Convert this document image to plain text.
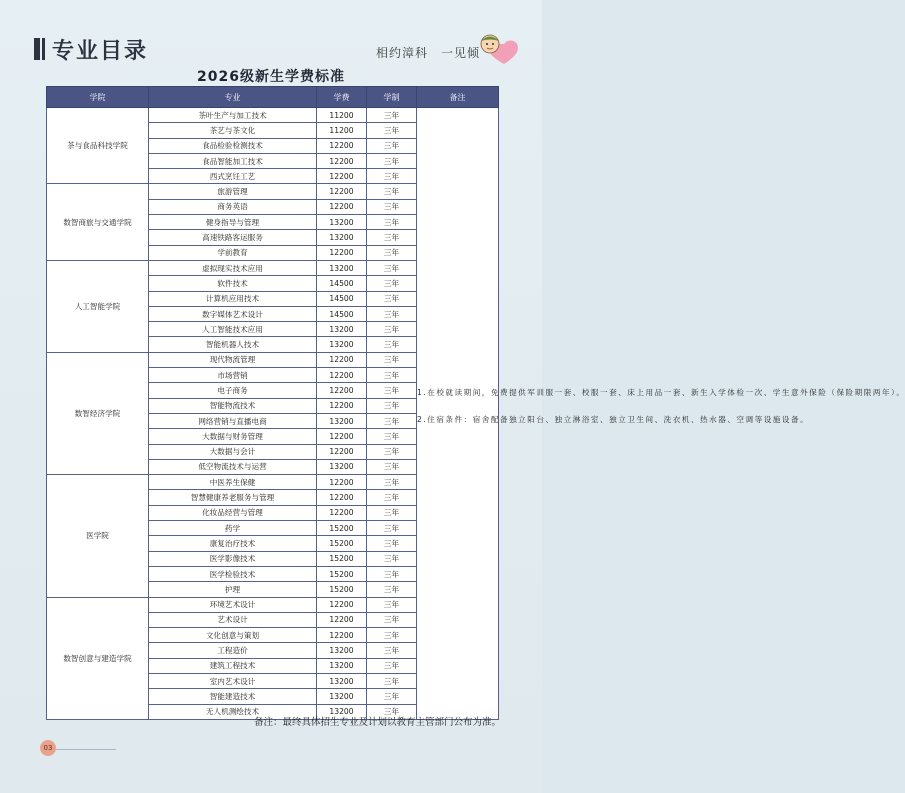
专业目录	相约漳科　一见倾
2026级新生学费标准
学院	专业	学费	学制	备注
茶与食品科技学院	茶叶生产与加工技术	11200	三年	1.在校就读期间，免费提供军训服一套、校服一套、床上用品一套、新生入学体检一次、学生意外保险（保险期限两年）。

2.住宿条件：宿舍配备独立阳台、独立淋浴室、独立卫生间、洗衣机、热水器、空调等设施设备。

	茶艺与茶文化	11200	三年	
	食品检验检测技术	12200	三年	
	食品智能加工技术	12200	三年	
	西式烹饪工艺	12200	三年	
数智商旅与交通学院	旅游管理	12200	三年	
	商务英语	12200	三年	
	健身指导与管理	13200	三年	
	高速铁路客运服务	13200	三年	
	学前教育	12200	三年	
人工智能学院	虚拟现实技术应用	13200	三年	
	软件技术	14500	三年	
	计算机应用技术	14500	三年	
	数字媒体艺术设计	14500	三年	
	人工智能技术应用	13200	三年	
	智能机器人技术	13200	三年	
数智经济学院	现代物流管理	12200	三年	
	市场营销	12200	三年	
	电子商务	12200	三年	
	智能物流技术	12200	三年	
	网络营销与直播电商	13200	三年	
	大数据与财务管理	12200	三年	
	大数据与会计	12200	三年	
	低空物流技术与运营	13200	三年	
医学院	中医养生保健	12200	三年	
	智慧健康养老服务与管理	12200	三年	
	化妆品经营与管理	12200	三年	
	药学	15200	三年	
	康复治疗技术	15200	三年	
	医学影像技术	15200	三年	
	医学检验技术	15200	三年	
	护理	15200	三年	
数智创意与建造学院	环境艺术设计	12200	三年	
	艺术设计	12200	三年	
	文化创意与策划	12200	三年	
	工程造价	13200	三年	
	建筑工程技术	13200	三年	
	室内艺术设计	13200	三年	
	智能建造技术	13200	三年	
	无人机测绘技术	13200	三年	
备注：最终具体招生专业及计划以教育主管部门公布为准。
03
